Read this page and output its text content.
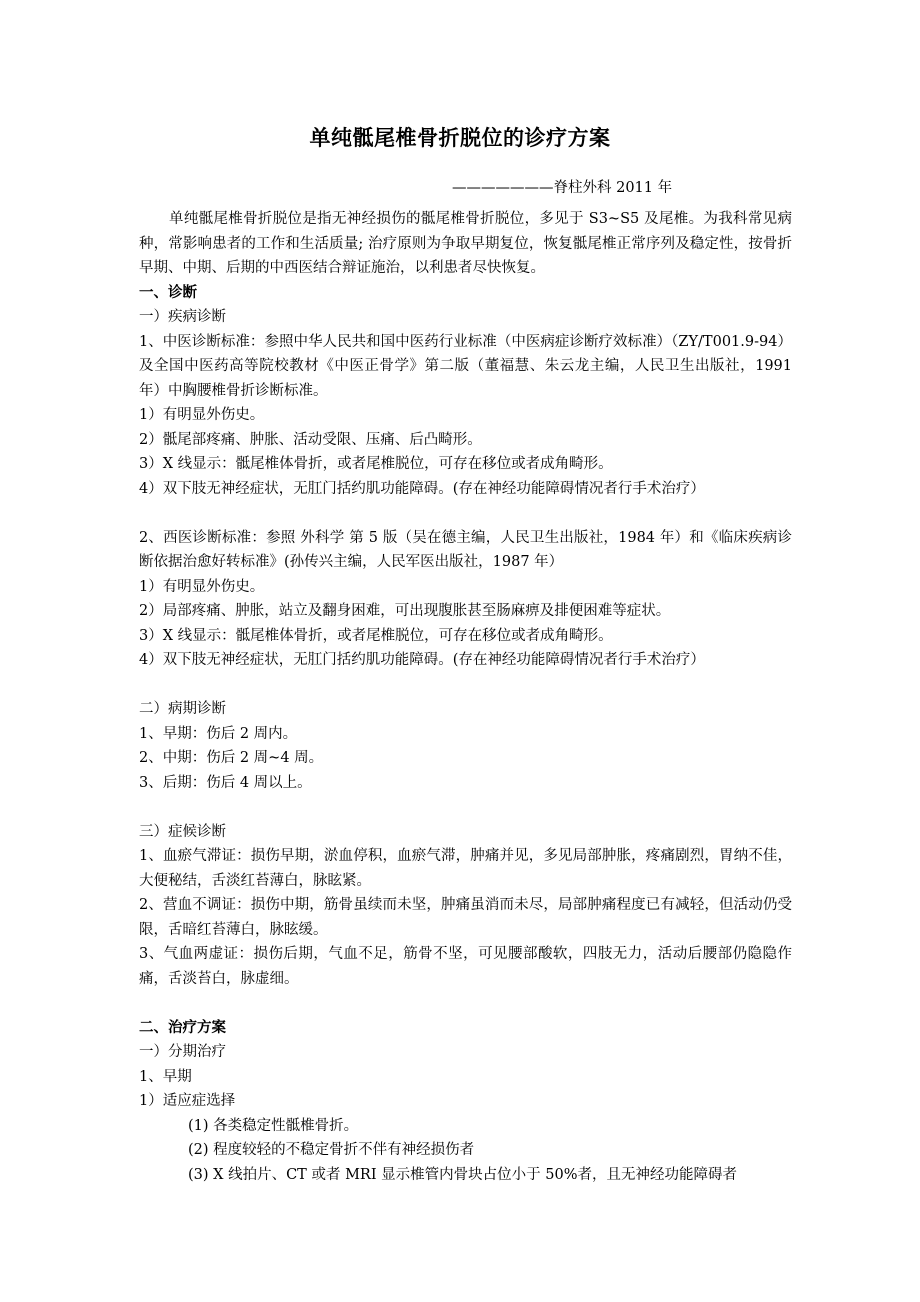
单纯骶尾椎骨折脱位的诊疗方案
———————脊柱外科 2011 年

单纯骶尾椎骨折脱位是指无神经损伤的骶尾椎骨折脱位，多见于 S3~S5 及尾椎。为我科常见病种，常影响患者的工作和生活质量; 治疗原则为争取早期复位，恢复骶尾椎正常序列及稳定性，按骨折早期、中期、后期的中西医结合辩证施治，以利患者尽快恢复。

一、诊断

一）疾病诊断

1、中医诊断标准：参照中华人民共和国中医药行业标准（中医病症诊断疗效标准）（ZY/T001.9-94）及全国中医药高等院校教材《中医正骨学》第二版（董福慧、朱云龙主编，人民卫生出版社，1991 年）中胸腰椎骨折诊断标准。

1）有明显外伤史。

2）骶尾部疼痛、肿胀、活动受限、压痛、后凸畸形。

3）X 线显示：骶尾椎体骨折，或者尾椎脱位，可存在移位或者成角畸形。

4）双下肢无神经症状，无肛门括约肌功能障碍。(存在神经功能障碍情况者行手术治疗）

2、西医诊断标准：参照 外科学 第 5 版（吴在德主编，人民卫生出版社，1984 年）和《临床疾病诊断依据治愈好转标准》(孙传兴主编，人民军医出版社，1987 年）

1）有明显外伤史。

2）局部疼痛、肿胀，站立及翻身困难，可出现腹胀甚至肠麻痹及排便困难等症状。

3）X 线显示：骶尾椎体骨折，或者尾椎脱位，可存在移位或者成角畸形。

4）双下肢无神经症状，无肛门括约肌功能障碍。(存在神经功能障碍情况者行手术治疗）

二）病期诊断

1、早期：伤后 2 周内。

2、中期：伤后 2 周~4 周。

3、后期：伤后 4 周以上。

三）症候诊断

1、血瘀气滞证：损伤早期，淤血停积，血瘀气滞，肿痛并见，多见局部肿胀，疼痛剧烈，胃纳不佳，大便秘结，舌淡红苔薄白，脉眩紧。

2、营血不调证：损伤中期，筋骨虽续而未坚，肿痛虽消而未尽，局部肿痛程度已有减轻，但活动仍受限，舌暗红苔薄白，脉眩缓。

3、气血两虚证：损伤后期，气血不足，筋骨不坚，可见腰部酸软，四肢无力，活动后腰部仍隐隐作痛，舌淡苔白，脉虚细。

二、治疗方案

一）分期治疗

1、早期

1）适应症选择

(1) 各类稳定性骶椎骨折。

(2) 程度较轻的不稳定骨折不伴有神经损伤者

(3) X 线拍片、CT 或者 MRI 显示椎管内骨块占位小于 50%者，且无神经功能障碍者
